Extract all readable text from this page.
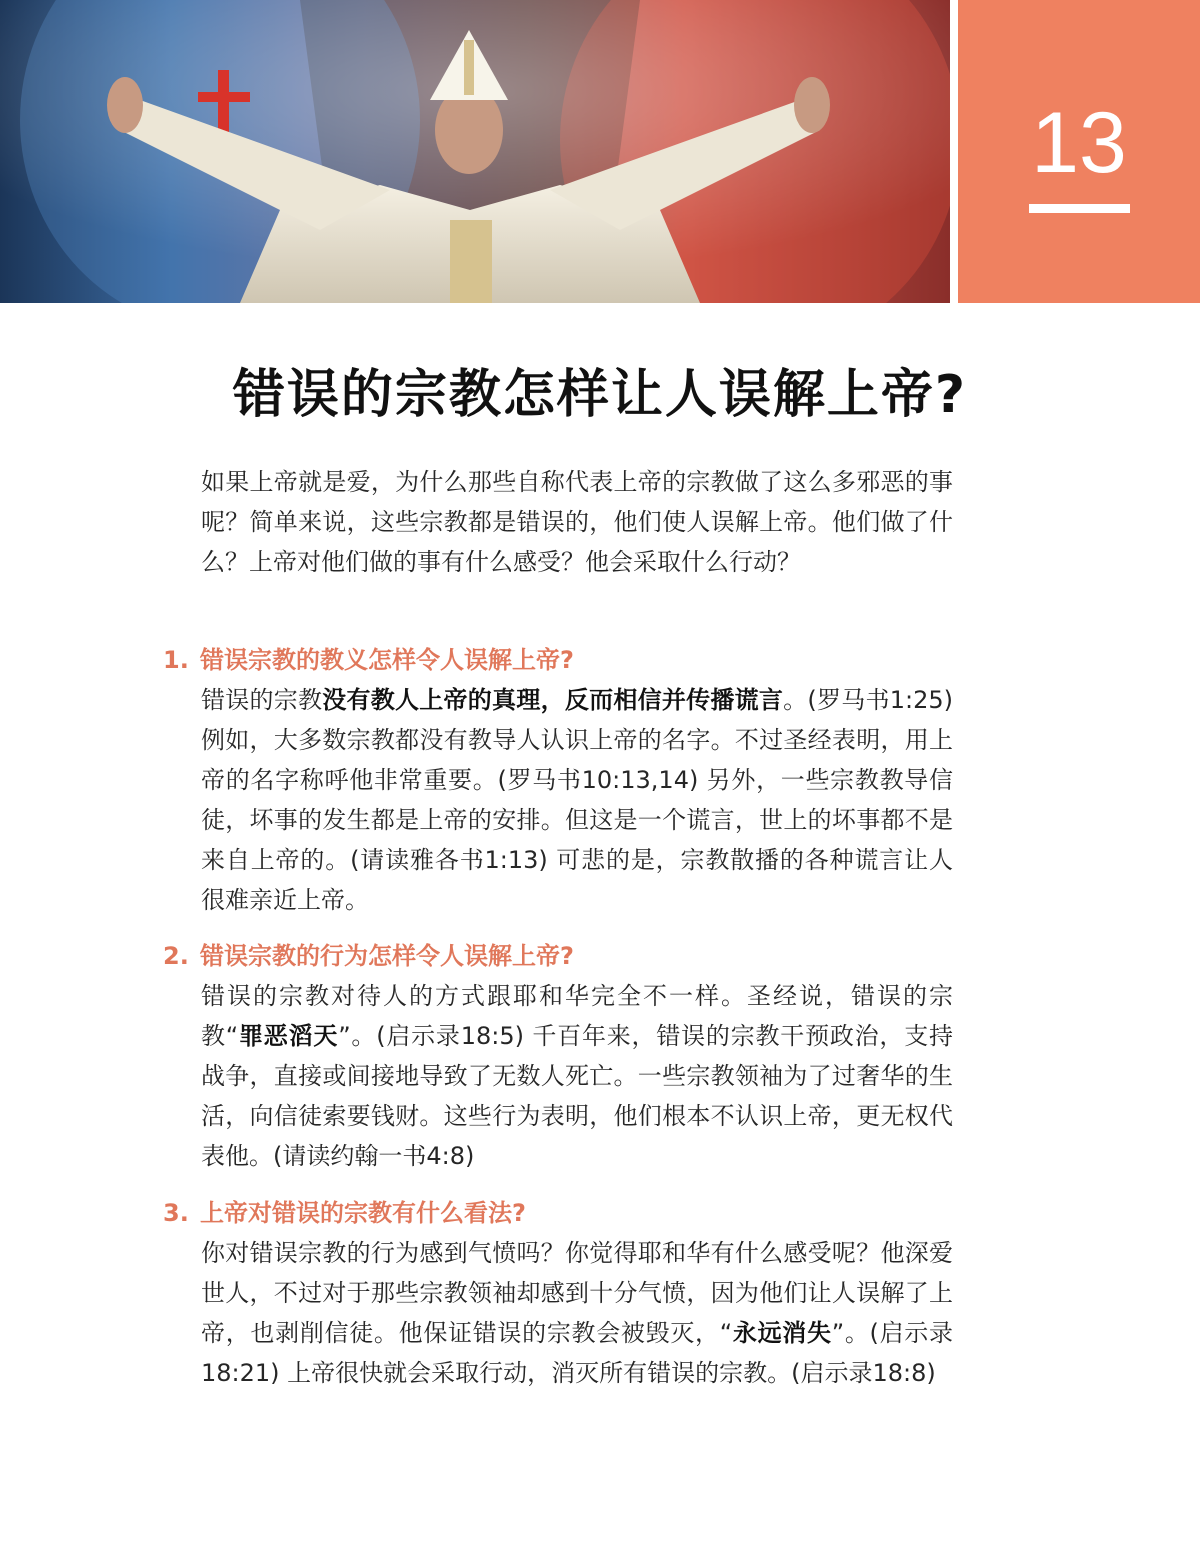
13
错误的宗教怎样让人误解上帝?

如果上帝就是爱，为什么那些自称代表上帝的宗教做了这么多邪恶的事呢？简单来说，这些宗教都是错误的，他们使人误解上帝。他们做了什么？上帝对他们做的事有什么感受？他会采取什么行动？

1. 错误宗教的教义怎样令人误解上帝?

错误的宗教没有教人上帝的真理，反而相信并传播谎言。(罗马书1:25) 例如，大多数宗教都没有教导人认识上帝的名字。不过圣经表明，用上帝的名字称呼他非常重要。(罗马书10:13,14) 另外，一些宗教教导信徒，坏事的发生都是上帝的安排。但这是一个谎言，世上的坏事都不是来自上帝的。(请读雅各书1:13) 可悲的是，宗教散播的各种谎言让人很难亲近上帝。

2. 错误宗教的行为怎样令人误解上帝?

错误的宗教对待人的方式跟耶和华完全不一样。圣经说，错误的宗教“罪恶滔天”。(启示录18:5) 千百年来，错误的宗教干预政治，支持战争，直接或间接地导致了无数人死亡。一些宗教领袖为了过奢华的生活，向信徒索要钱财。这些行为表明，他们根本不认识上帝，更无权代表他。(请读约翰一书4:8)

3. 上帝对错误的宗教有什么看法?

你对错误宗教的行为感到气愤吗？你觉得耶和华有什么感受呢？他深爱世人，不过对于那些宗教领袖却感到十分气愤，因为他们让人误解了上帝，也剥削信徒。他保证错误的宗教会被毁灭，“永远消失”。(启示录18:21) 上帝很快就会采取行动，消灭所有错误的宗教。(启示录18:8)
